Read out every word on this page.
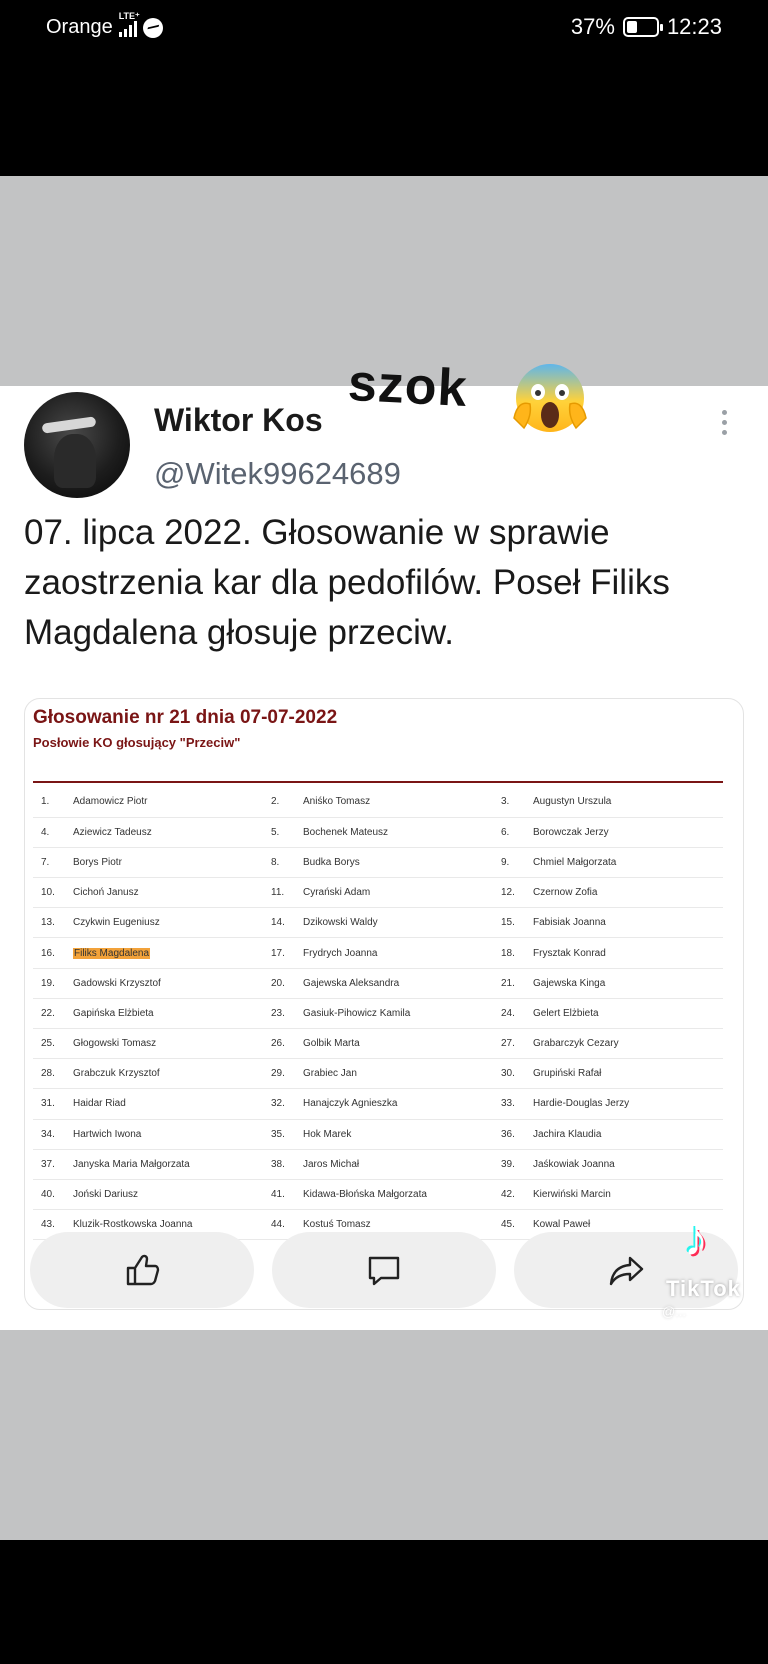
Orange
LTE⁺	37% 12:23
Wiktor Kos
@Witek99624689
szok
07. lipca 2022. Głosowanie w sprawie zaostrzenia kar dla pedofilów. Poseł Filiks Magdalena głosuje przeciw.
Głosowanie nr 21 dnia 07-07-2022
Posłowie KO głosujący "Przeciw"
1.	Adamowicz Piotr	2.	Aniśko Tomasz	3.	Augustyn Urszula
4.	Aziewicz Tadeusz	5.	Bochenek Mateusz	6.	Borowczak Jerzy
7.	Borys Piotr	8.	Budka Borys	9.	Chmiel Małgorzata
10.	Cichoń Janusz	11.	Cyrański Adam	12.	Czernow Zofia
13.	Czykwin Eugeniusz	14.	Dzikowski Waldy	15.	Fabisiak Joanna
16.	Filiks Magdalena	17.	Frydrych Joanna	18.	Frysztak Konrad
19.	Gadowski Krzysztof	20.	Gajewska Aleksandra	21.	Gajewska Kinga
22.	Gapińska Elżbieta	23.	Gasiuk-Pihowicz Kamila	24.	Gelert Elżbieta
25.	Głogowski Tomasz	26.	Golbik Marta	27.	Grabarczyk Cezary
28.	Grabczuk Krzysztof	29.	Grabiec Jan	30.	Grupiński Rafał
31.	Haidar Riad	32.	Hanajczyk Agnieszka	33.	Hardie-Douglas Jerzy
34.	Hartwich Iwona	35.	Hok Marek	36.	Jachira Klaudia
37.	Janyska Maria Małgorzata	38.	Jaros Michał	39.	Jaśkowiak Joanna
40.	Joński Dariusz	41.	Kidawa-Błońska Małgorzata	42.	Kierwiński Marcin
43.	Kluzik-Rostkowska Joanna	44.	Kostuś Tomasz	45.	Kowal Paweł ♪
TikTok
@...
